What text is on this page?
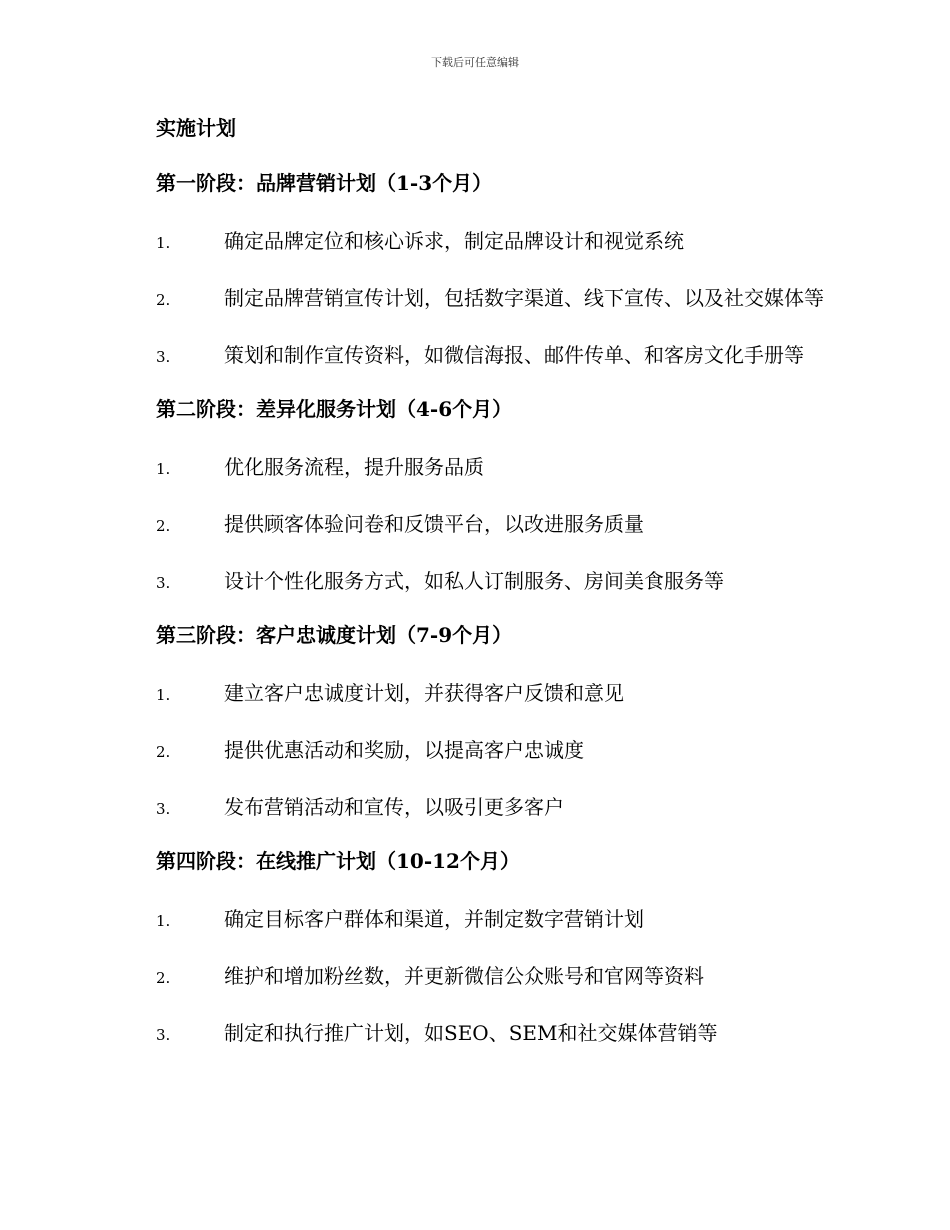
下载后可任意编辑
实施计划
第一阶段：品牌营销计划（1-3个月）
1.	确定品牌定位和核心诉求，制定品牌设计和视觉系统
2.	制定品牌营销宣传计划，包括数字渠道、线下宣传、以及社交媒体等
3.	策划和制作宣传资料，如微信海报、邮件传单、和客房文化手册等
第二阶段：差异化服务计划（4-6个月）
1.	优化服务流程，提升服务品质
2.	提供顾客体验问卷和反馈平台，以改进服务质量
3.	设计个性化服务方式，如私人订制服务、房间美食服务等
第三阶段：客户忠诚度计划（7-9个月）
1.	建立客户忠诚度计划，并获得客户反馈和意见
2.	提供优惠活动和奖励，以提高客户忠诚度
3.	发布营销活动和宣传，以吸引更多客户
第四阶段：在线推广计划（10-12个月）
1.	确定目标客户群体和渠道，并制定数字营销计划
2.	维护和增加粉丝数，并更新微信公众账号和官网等资料
3.	制定和执行推广计划，如SEO、SEM和社交媒体营销等
